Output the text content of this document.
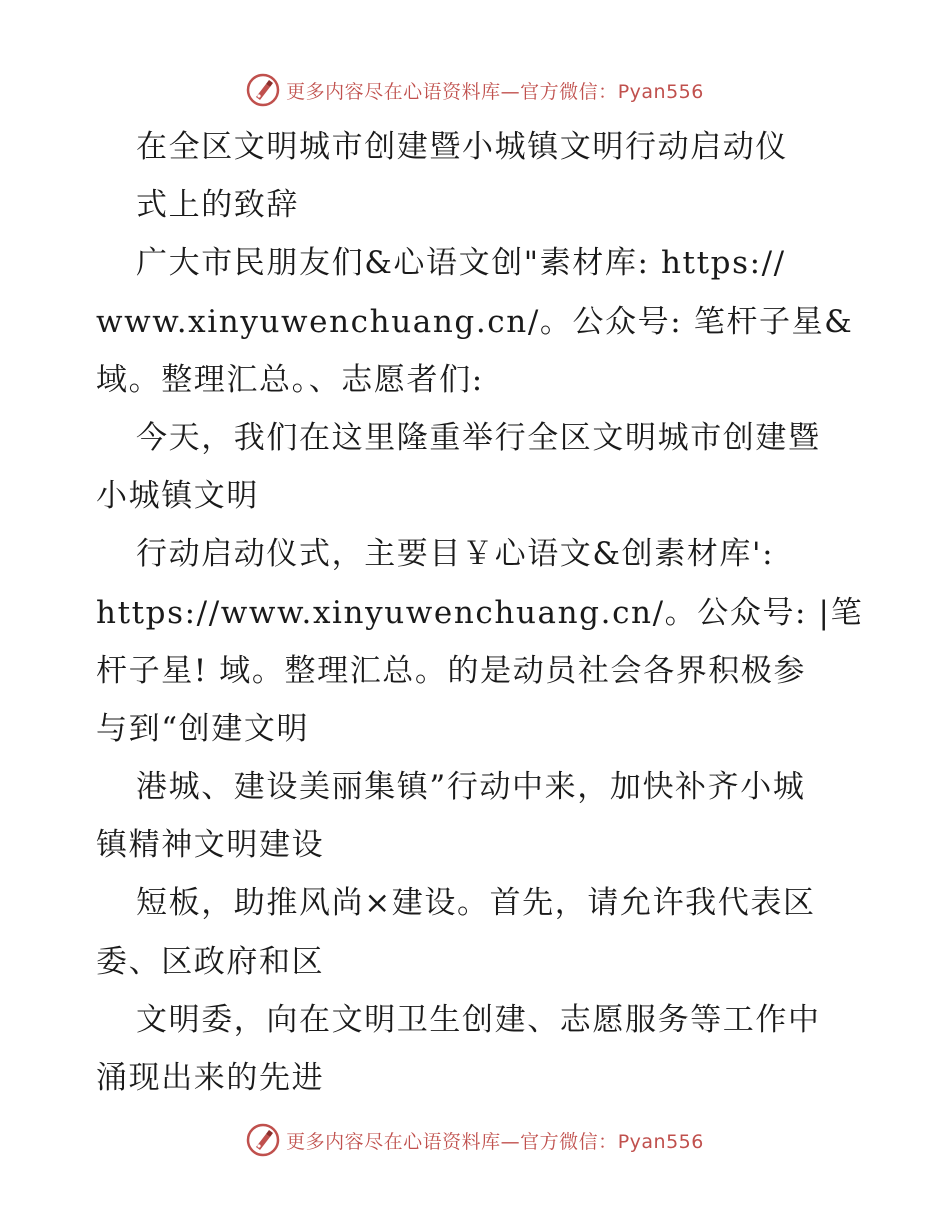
更多内容尽在心语资料库—官方微信：Pyan556
在全区文明城市创建暨小城镇文明行动启动仪
式上的致辞
广大市民朋友们&心语文创"素材库: https://
www.xinyuwenchuang.cn/。公众号: 笔杆子星&
域。整理汇总。、志愿者们:
今天，我们在这里隆重举行全区文明城市创建暨
小城镇文明
行动启动仪式，主要目￥心语文&创素材库':
https://www.xinyuwenchuang.cn/。公众号: |笔
杆子星! 域。整理汇总。的是动员社会各界积极参
与到“创建文明
港城、建设美丽集镇”行动中来，加快补齐小城
镇精神文明建设
短板，助推风尚×建设。首先，请允许我代表区
委、区政府和区
文明委，向在文明卫生创建、志愿服务等工作中
涌现出来的先进
更多内容尽在心语资料库—官方微信：Pyan556
